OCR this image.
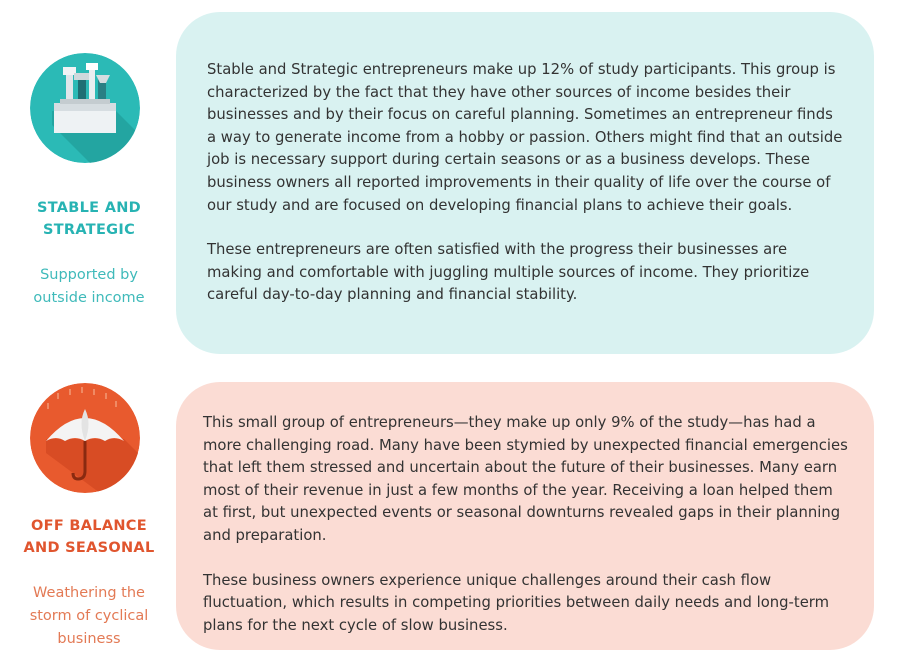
STABLE AND
STRATEGIC
Supported by
outside income

Stable and Strategic entrepreneurs make up 12% of study participants. This group is characterized by the fact that they have other sources of income besides their businesses and by their focus on careful planning. Sometimes an entrepreneur finds a way to generate income from a hobby or passion. Others might find that an outside job is necessary support during certain seasons or as a business develops. These business owners all reported improvements in their quality of life over the course of our study and are focused on developing financial plans to achieve their goals.

These entrepreneurs are often satisfied with the progress their businesses are making and comfortable with juggling multiple sources of income. They prioritize careful day-to-day planning and financial stability.

OFF BALANCE
AND SEASONAL
Weathering the
storm of cyclical
business

This small group of entrepreneurs—they make up only 9% of the study—has had a more challenging road. Many have been stymied by unexpected financial emergencies that left them stressed and uncertain about the future of their businesses. Many earn most of their revenue in just a few months of the year. Receiving a loan helped them at first, but unexpected events or seasonal downturns revealed gaps in their planning and preparation.

These business owners experience unique challenges around their cash flow fluctuation, which results in competing priorities between daily needs and long-term plans for the next cycle of slow business.
